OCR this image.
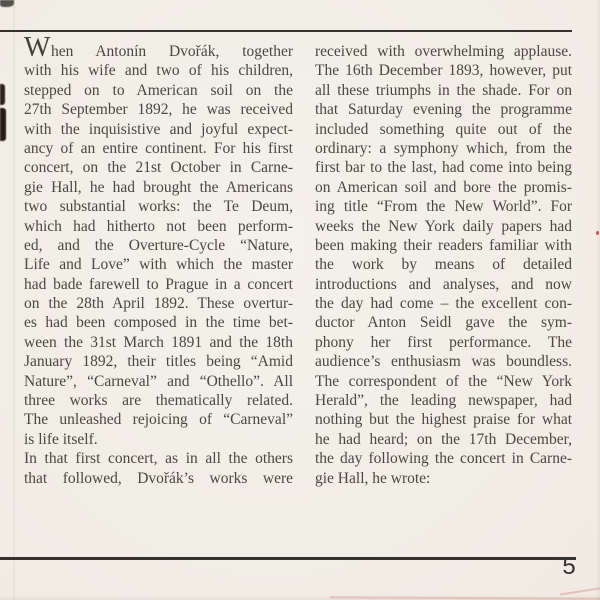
When Antonín Dvořák, together
with his wife and two of his children,
stepped on to American soil on the
27th September 1892, he was received
with the inquisistive and joyful expect-
ancy of an entire continent. For his first
concert, on the 21st October in Carne-
gie Hall, he had brought the Americans
two substantial works: the Te Deum,
which had hitherto not been perform-
ed, and the Overture-Cycle “Nature,
Life and Love” with which the master
had bade farewell to Prague in a concert
on the 28th April 1892. These overtur-
es had been composed in the time bet-
ween the 31st March 1891 and the 18th
January 1892, their titles being “Amid
Nature”, “Carneval” and “Othello”. All
three works are thematically related.
The unleashed rejoicing of “Carneval”
is life itself.
In that first concert, as in all the others
that followed, Dvořák’s works were
received with overwhelming applause.
The 16th December 1893, however, put
all these triumphs in the shade. For on
that Saturday evening the programme
included something quite out of the
ordinary: a symphony which, from the
first bar to the last, had come into being
on American soil and bore the promis-
ing title “From the New World”. For
weeks the New York daily papers had
been making their readers familiar with
the work by means of detailed
introductions and analyses, and now
the day had come – the excellent con-
ductor Anton Seidl gave the sym-
phony her first performance. The
audience’s enthusiasm was boundless.
The correspondent of the “New York
Herald”, the leading newspaper, had
nothing but the highest praise for what
he had heard; on the 17th December,
the day following the concert in Carne-
gie Hall, he wrote:
5
